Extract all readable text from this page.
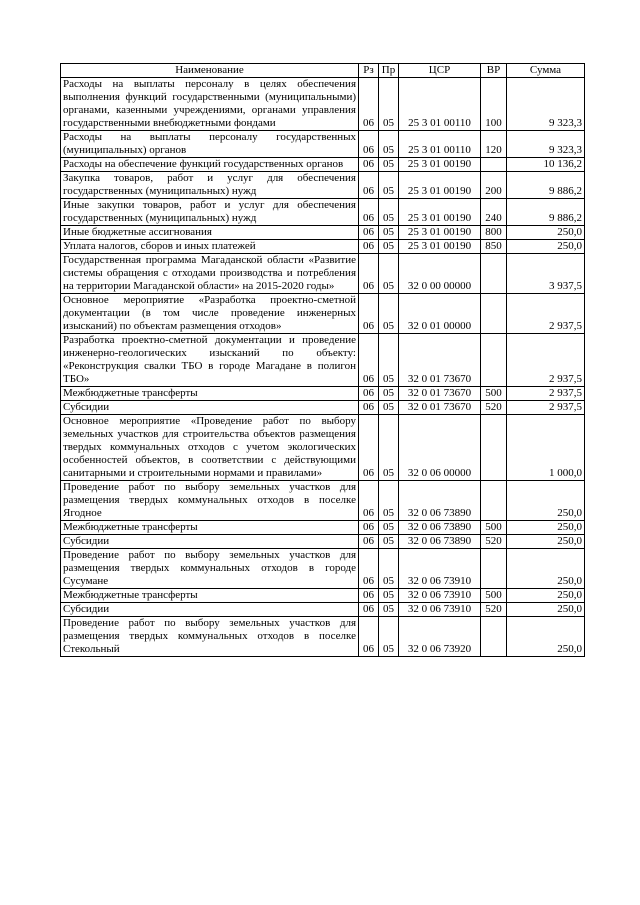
Наименование	Рз	Пр	ЦСР	ВР	Сумма
Расходы на выплаты персоналу в целях обеспечения выполнения функций государственными (муниципальными) органами, казенными учреждениями, органами управления государственными внебюджетными фондами	06	05	25 3 01 00110	100	9 323,3
Расходы на выплаты персоналу государственных (муниципальных) органов	06	05	25 3 01 00110	120	9 323,3
Расходы на обеспечение функций государственных органов	06	05	25 3 01 00190		10 136,2
Закупка товаров, работ и услуг для обеспечения государственных (муниципальных) нужд	06	05	25 3 01 00190	200	9 886,2
Иные закупки товаров, работ и услуг для обеспечения государственных (муниципальных) нужд	06	05	25 3 01 00190	240	9 886,2
Иные бюджетные ассигнования	06	05	25 3 01 00190	800	250,0
Уплата налогов, сборов и иных платежей	06	05	25 3 01 00190	850	250,0
Государственная программа Магаданской области «Развитие системы обращения с отходами производства и потребления на территории Магаданской области» на 2015-2020 годы»	06	05	32 0 00 00000		3 937,5
Основное мероприятие «Разработка проектно-сметной документации (в том числе проведение инженерных изысканий) по объектам размещения отходов»	06	05	32 0 01 00000		2 937,5
Разработка проектно-сметной документации и проведение инженерно-геологических изысканий по объекту: «Реконструкция свалки ТБО в городе Магадане в полигон ТБО»	06	05	32 0 01 73670		2 937,5
Межбюджетные трансферты	06	05	32 0 01 73670	500	2 937,5
Субсидии	06	05	32 0 01 73670	520	2 937,5
Основное мероприятие «Проведение работ по выбору земельных участков для строительства объектов размещения твердых коммунальных отходов с учетом экологических особенностей объектов, в соответствии с действующими санитарными и строительными нормами и правилами»	06	05	32 0 06 00000		1 000,0
Проведение работ по выбору земельных участков для размещения твердых коммунальных отходов в поселке Ягодное	06	05	32 0 06 73890		250,0
Межбюджетные трансферты	06	05	32 0 06 73890	500	250,0
Субсидии	06	05	32 0 06 73890	520	250,0
Проведение работ по выбору земельных участков для размещения твердых коммунальных отходов в городе Сусумане	06	05	32 0 06 73910		250,0
Межбюджетные трансферты	06	05	32 0 06 73910	500	250,0
Субсидии	06	05	32 0 06 73910	520	250,0
Проведение работ по выбору земельных участков для размещения твердых коммунальных отходов в поселке Стекольный	06	05	32 0 06 73920		250,0
